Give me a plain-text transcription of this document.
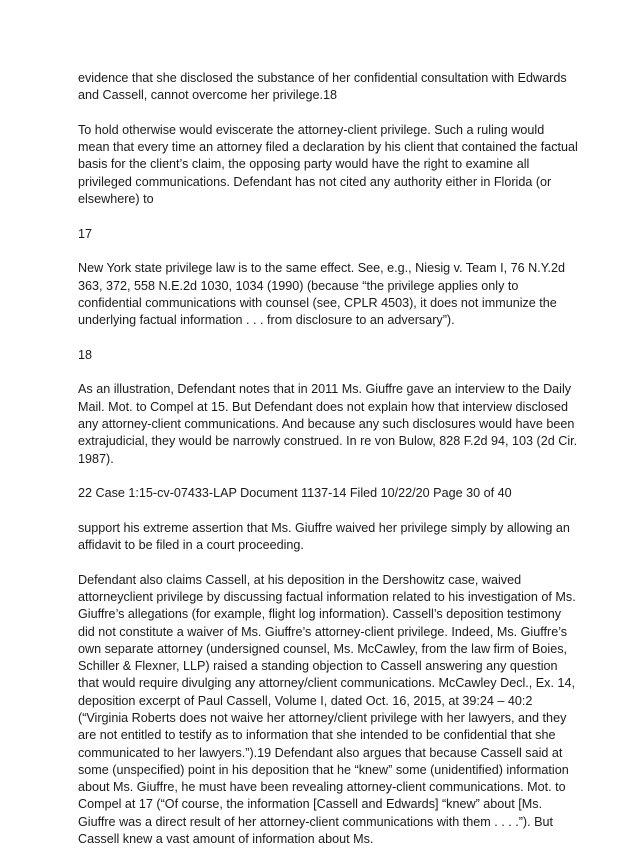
evidence that she disclosed the substance of her confidential consultation with Edwards and Cassell, cannot overcome her privilege.18

To hold otherwise would eviscerate the attorney-client privilege. Such a ruling would mean that every time an attorney filed a declaration by his client that contained the factual basis for the client’s claim, the opposing party would have the right to examine all privileged communications. Defendant has not cited any authority either in Florida (or elsewhere) to

17

New York state privilege law is to the same effect. See, e.g., Niesig v. Team I, 76 N.Y.2d 363, 372, 558 N.E.2d 1030, 1034 (1990) (because “the privilege applies only to confidential communications with counsel (see, CPLR 4503), it does not immunize the underlying factual information . . . from disclosure to an adversary”).

18

As an illustration, Defendant notes that in 2011 Ms. Giuffre gave an interview to the Daily Mail. Mot. to Compel at 15. But Defendant does not explain how that interview disclosed any attorney-client communications. And because any such disclosures would have been extrajudicial, they would be narrowly construed. In re von Bulow, 828 F.2d 94, 103 (2d Cir. 1987).

22 Case 1:15-cv-07433-LAP Document 1137-14 Filed 10/22/20 Page 30 of 40

support his extreme assertion that Ms. Giuffre waived her privilege simply by allowing an affidavit to be filed in a court proceeding.

Defendant also claims Cassell, at his deposition in the Dershowitz case, waived attorneyclient privilege by discussing factual information related to his investigation of Ms. Giuffre’s allegations (for example, flight log information). Cassell’s deposition testimony did not constitute a waiver of Ms. Giuffre’s attorney-client privilege. Indeed, Ms. Giuffre’s own separate attorney (undersigned counsel, Ms. McCawley, from the law firm of Boies, Schiller & Flexner, LLP) raised a standing objection to Cassell answering any question that would require divulging any attorney/client communications. McCawley Decl., Ex. 14, deposition excerpt of Paul Cassell, Volume I, dated Oct. 16, 2015, at 39:24 – 40:2 (“Virginia Roberts does not waive her attorney/client privilege with her lawyers, and they are not entitled to testify as to information that she intended to be confidential that she communicated to her lawyers.”).19 Defendant also argues that because Cassell said at some (unspecified) point in his deposition that he “knew” some (unidentified) information about Ms. Giuffre, he must have been revealing attorney-client communications. Mot. to Compel at 17 (“Of course, the information [Cassell and Edwards] “knew” about [Ms. Giuffre was a direct result of her attorney-client communications with them . . . .”). But Cassell knew a vast amount of information about Ms.
